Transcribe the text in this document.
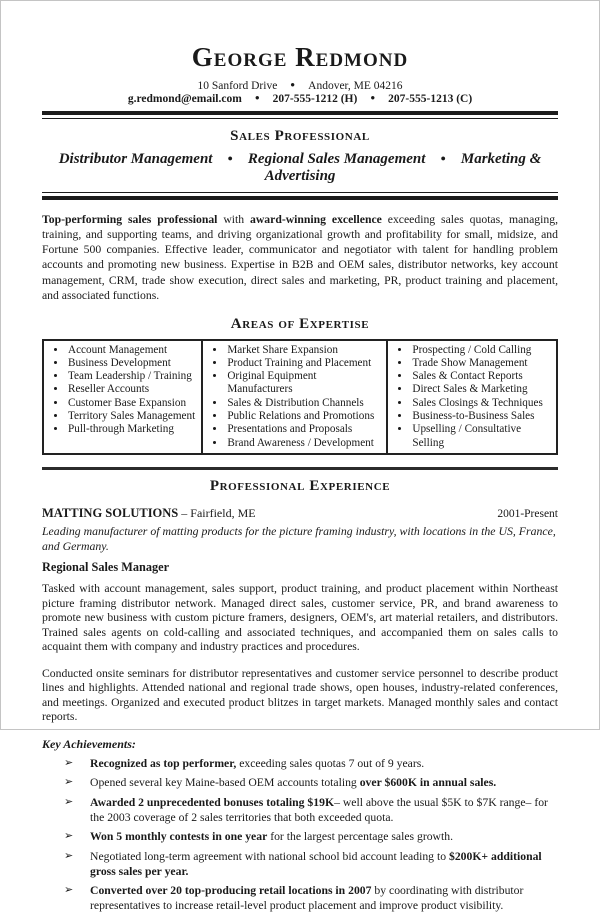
George Redmond
10 Sanford Drive ● Andover, ME 04216
g.redmond@email.com ● 207-555-1212 (H) ● 207-555-1213 (C)
Sales Professional
Distributor Management ● Regional Sales Management ● Marketing & Advertising

Top-performing sales professional with award-winning excellence exceeding sales quotas, managing, training, and supporting teams, and driving organizational growth and profitability for small, midsize, and Fortune 500 companies. Effective leader, communicator and negotiator with talent for handling problem accounts and promoting new business. Expertise in B2B and OEM sales, distributor networks, key account management, CRM, trade show execution, direct sales and marketing, PR, product training and placement, and associated functions.

Areas of Expertise
• Account Management
• Business Development
• Team Leadership / Training
• Reseller Accounts
• Customer Base Expansion
• Territory Sales Management
• Pull-through Marketing

• Market Share Expansion
• Product Training and Placement
• Original Equipment Manufacturers
• Sales & Distribution Channels
• Public Relations and Promotions
• Presentations and Proposals
• Brand Awareness / Development

• Prospecting / Cold Calling
• Trade Show Management
• Sales & Contact Reports
• Direct Sales & Marketing
• Sales Closings & Techniques
• Business-to-Business Sales
• Upselling / Consultative Selling
Professional Experience
MATTING SOLUTIONS – Fairfield, ME	2001-Present
Leading manufacturer of matting products for the picture framing industry, with locations in the US, France, and Germany.
Regional Sales Manager

Tasked with account management, sales support, product training, and product placement within Northeast picture framing distributor network. Managed direct sales, customer service, PR, and brand awareness to promote new business with custom picture framers, designers, OEM's, art material retailers, and distributors. Trained sales agents on cold-calling and associated techniques, and accompanied them on sales calls to acquaint them with company and industry practices and procedures.

Conducted onsite seminars for distributor representatives and customer service personnel to describe product lines and highlights. Attended national and regional trade shows, open houses, industry-related conferences, and meetings. Organized and executed product blitzes in target markets. Managed monthly sales and contact reports.

Key Achievements:
➢ Recognized as top performer, exceeding sales quotas 7 out of 9 years.
➢ Opened several key Maine-based OEM accounts totaling over $600K in annual sales.
➢ Awarded 2 unprecedented bonuses totaling $19K– well above the usual $5K to $7K range– for the 2003 coverage of 2 sales territories that both exceeded quota.
➢ Won 5 monthly contests in one year for the largest percentage sales growth.
➢ Negotiated long-term agreement with national school bid account leading to $200K+ additional gross sales per year.
➢ Converted over 20 top-producing retail locations in 2007 by coordinating with distributor representatives to increase retail-level product placement and improve product visibility.
